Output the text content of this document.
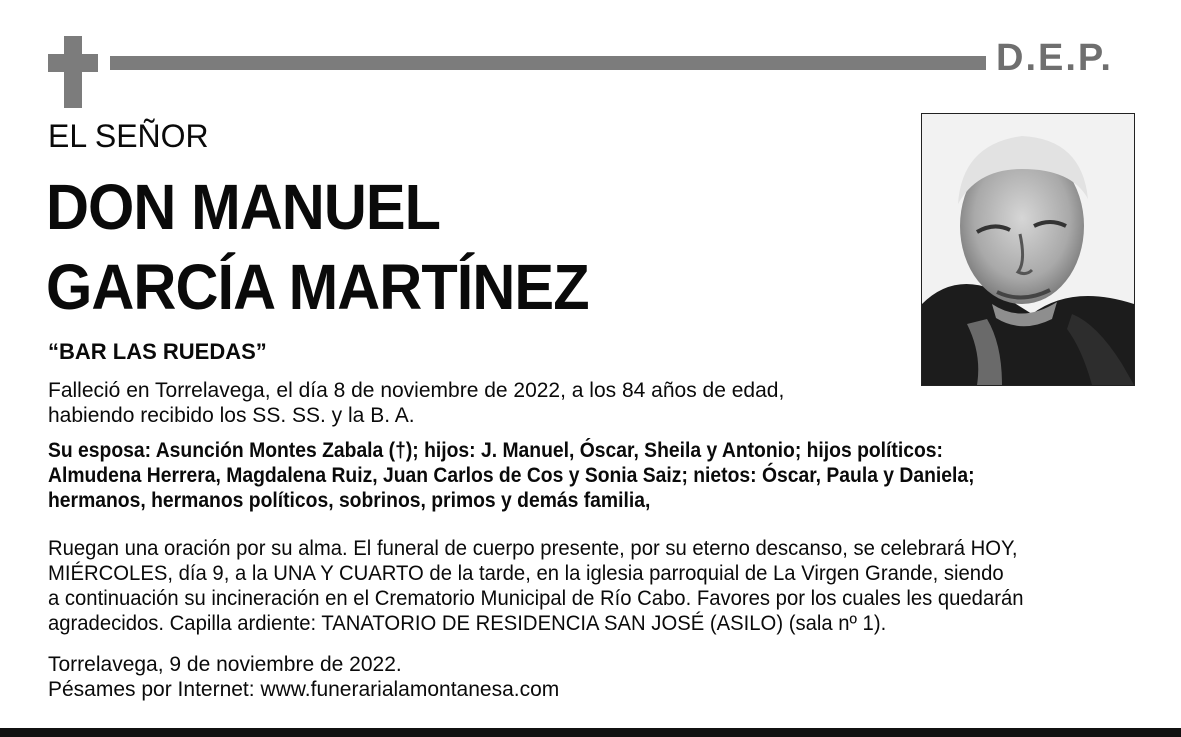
D.E.P.
EL SEÑOR
DON MANUEL
GARCÍA MARTÍNEZ
“BAR LAS RUEDAS”
Falleció en Torrelavega, el día 8 de noviembre de 2022, a los 84 años de edad,
habiendo recibido los SS. SS. y la B. A.
Su esposa: Asunción Montes Zabala (†); hijos: J. Manuel, Óscar, Sheila y Antonio; hijos políticos:
Almudena Herrera, Magdalena Ruiz, Juan Carlos de Cos y Sonia Saiz; nietos: Óscar, Paula y Daniela;
hermanos, hermanos políticos, sobrinos, primos y demás familia,
Ruegan una oración por su alma. El funeral de cuerpo presente, por su eterno descanso, se celebrará HOY,
MIÉRCOLES, día 9, a la UNA Y CUARTO de la tarde, en la iglesia parroquial de La Virgen Grande, siendo
a continuación su incineración en el Crematorio Municipal de Río Cabo. Favores por los cuales les quedarán
agradecidos. Capilla ardiente: TANATORIO DE RESIDENCIA SAN JOSÉ (ASILO) (sala nº 1).
Torrelavega, 9 de noviembre de 2022.
Pésames por Internet: www.funerarialamontanesa.com
